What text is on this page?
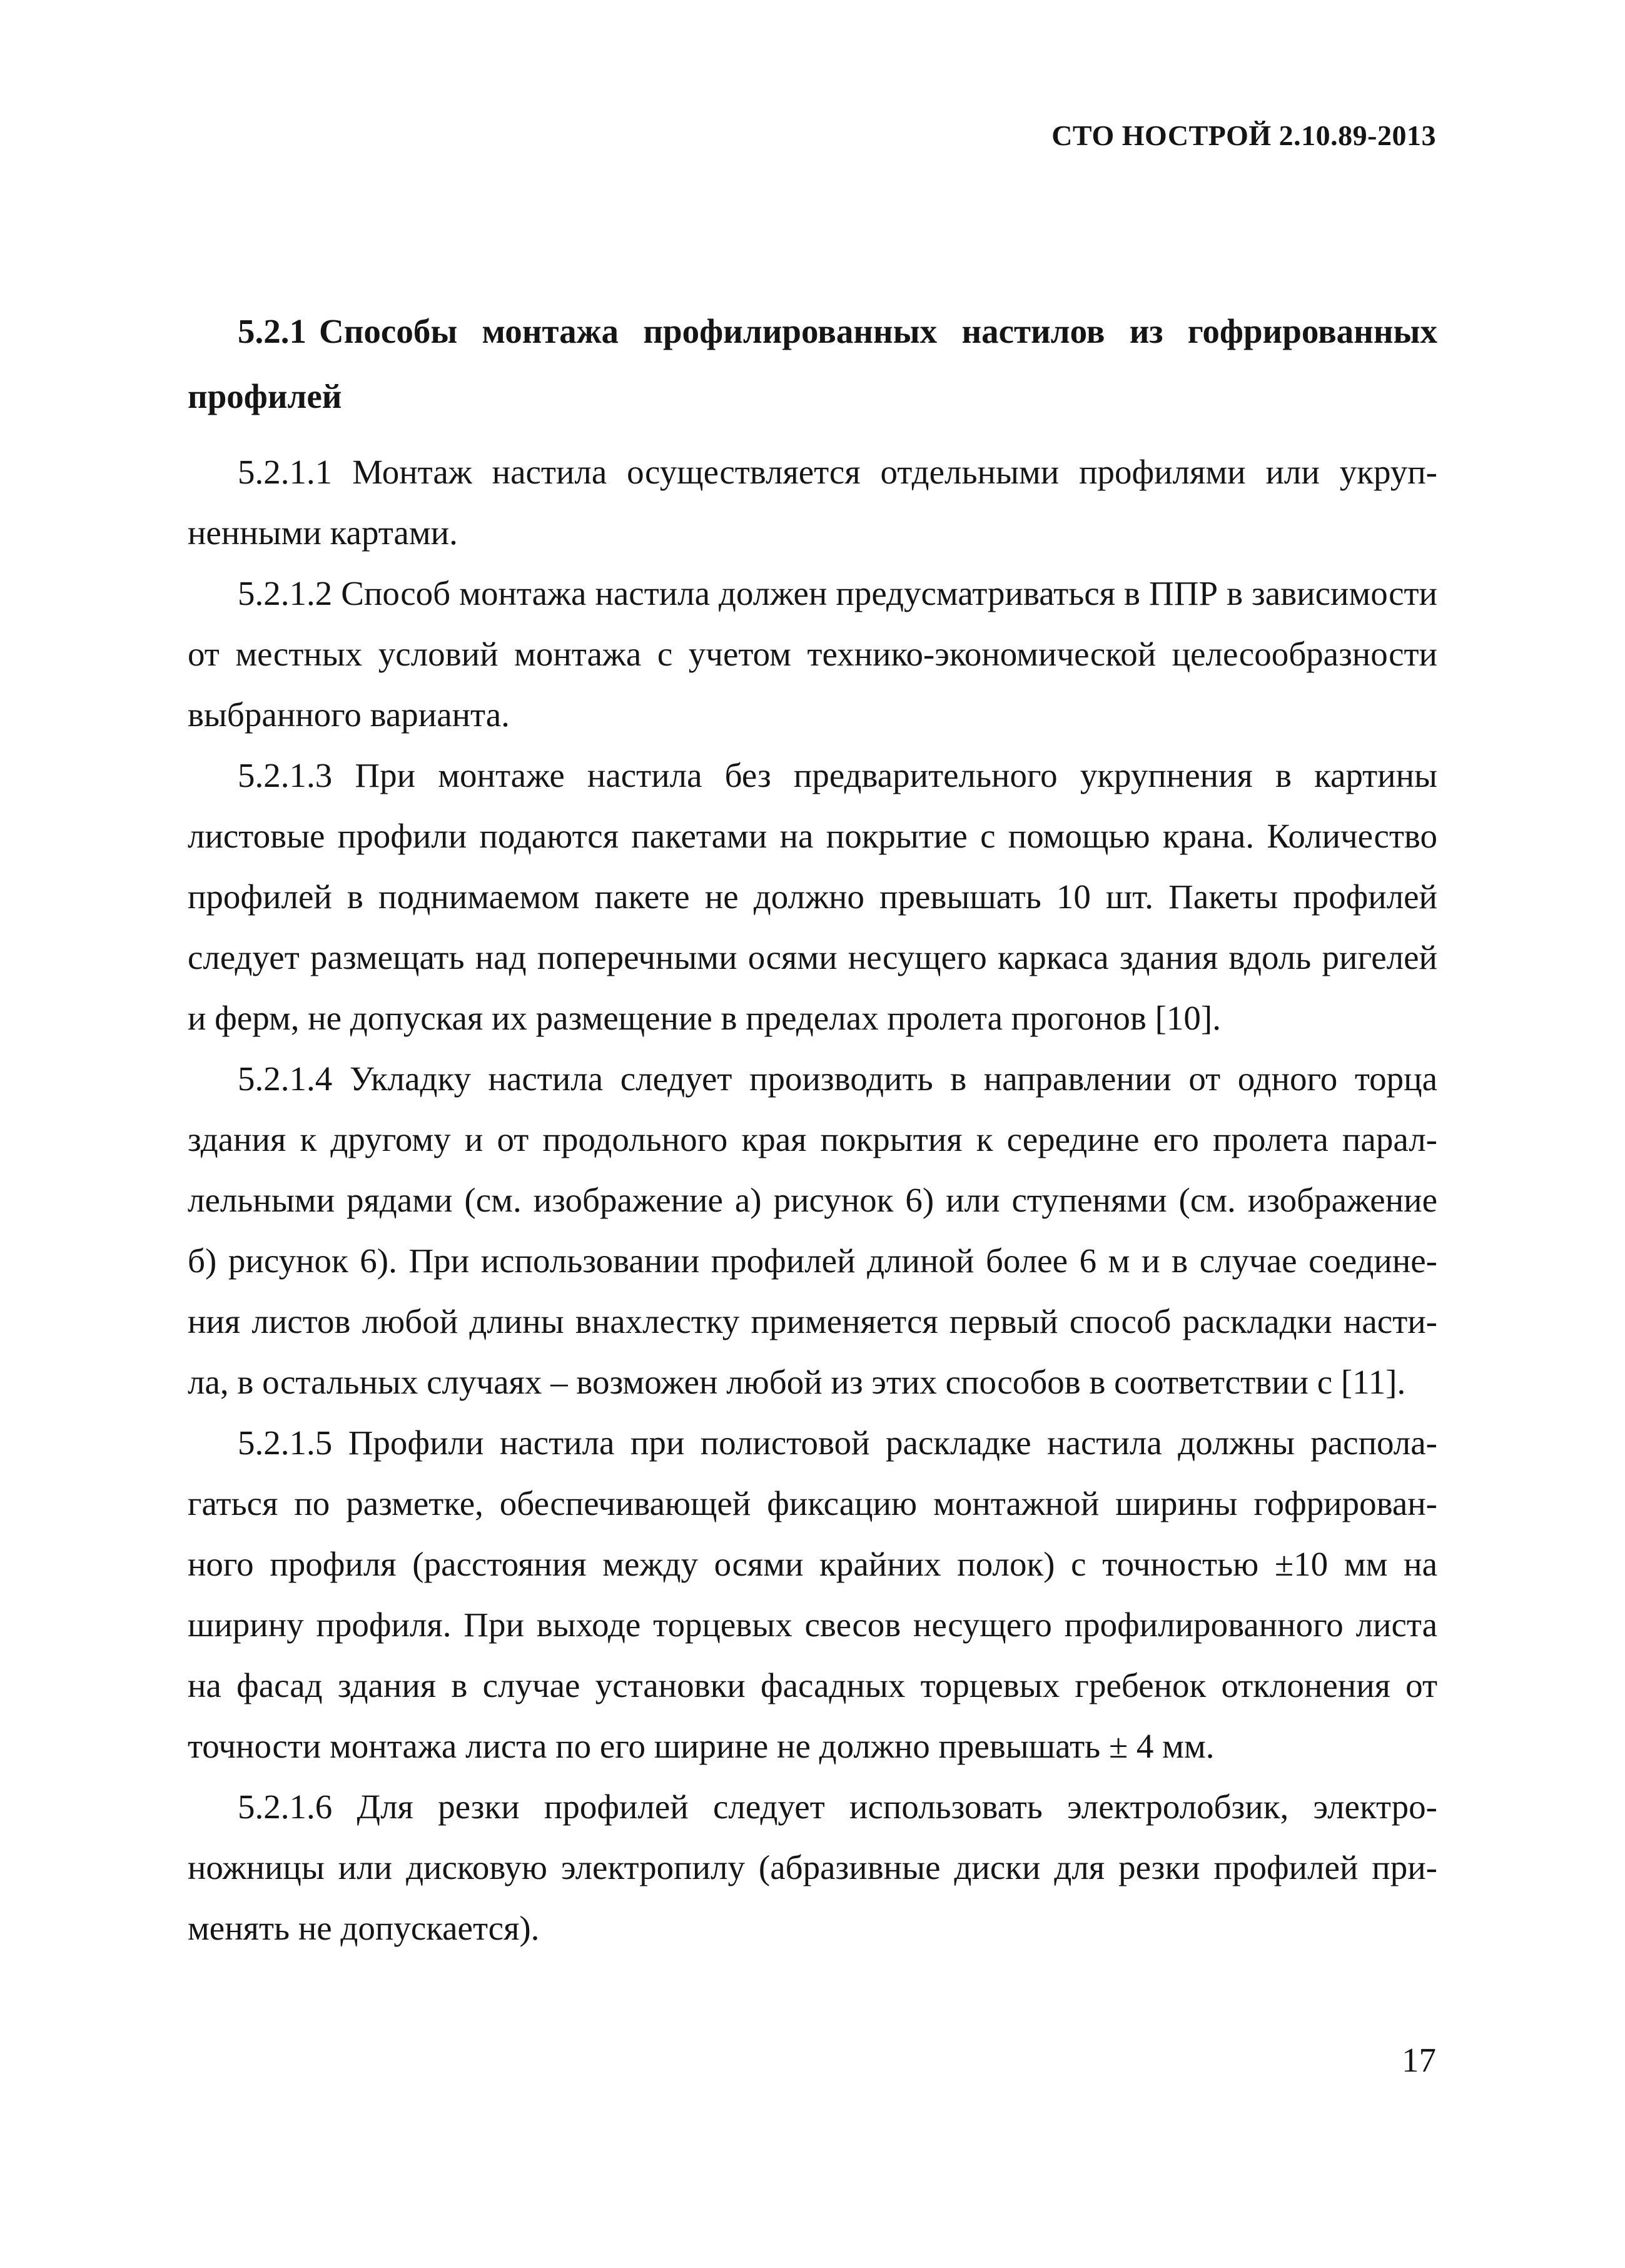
СТО НОСТРОЙ 2.10.89-2013

5.2.1 Способы монтажа профилированных настилов из гофрированных профилей

5.2.1.1 Монтаж настила осуществляется отдельными профилями или укрупненными картами.

5.2.1.2 Способ монтажа настила должен предусматриваться в ППР в зависимости от местных условий монтажа с учетом технико-экономической целесообразности выбранного варианта.

5.2.1.3 При монтаже настила без предварительного укрупнения в картины листовые профили подаются пакетами на покрытие с помощью крана. Количество профилей в поднимаемом пакете не должно превышать 10 шт. Пакеты профилей следует размещать над поперечными осями несущего каркаса здания вдоль ригелей и ферм, не допуская их размещение в пределах пролета прогонов [10].

5.2.1.4 Укладку настила следует производить в направлении от одного торца здания к другому и от продольного края покрытия к середине его пролета параллельными рядами (см. изображение а) рисунок 6) или ступенями (см. изображение б) рисунок 6). При использовании профилей длиной более 6 м и в случае соединения листов любой длины внахлестку применяется первый способ раскладки настила, в остальных случаях – возможен любой из этих способов в соответствии с [11].

5.2.1.5 Профили настила при полистовой раскладке настила должны располагаться по разметке, обеспечивающей фиксацию монтажной ширины гофрированного профиля (расстояния между осями крайних полок) с точностью ±10 мм на ширину профиля. При выходе торцевых свесов несущего профилированного листа на фасад здания в случае установки фасадных торцевых гребенок отклонения от точности монтажа листа по его ширине не должно превышать ± 4 мм.

5.2.1.6 Для резки профилей следует использовать электролобзик, электроножницы или дисковую электропилу (абразивные диски для резки профилей применять не допускается).

17
